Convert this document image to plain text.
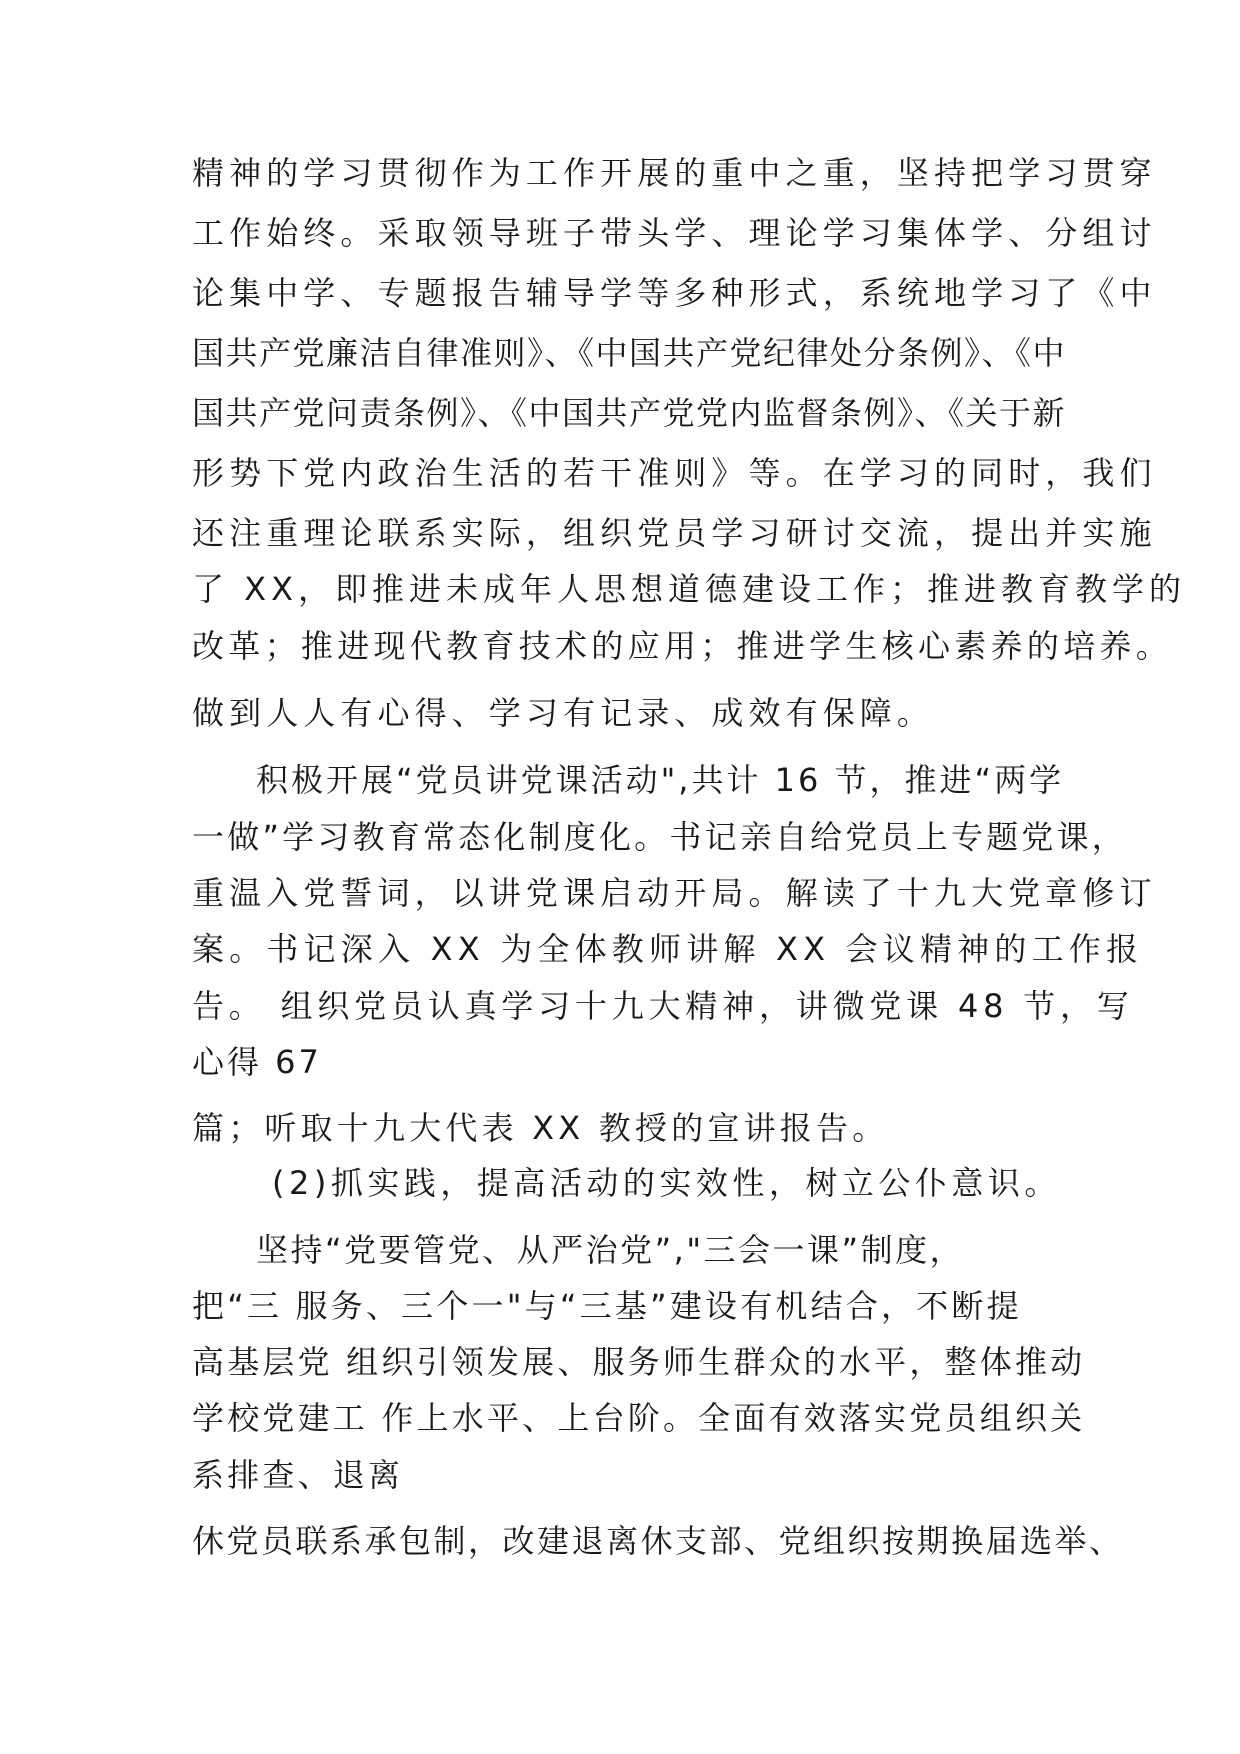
精神的学习贯彻作为工作开展的重中之重，坚持把学习贯穿
工作始终。采取领导班子带头学、理论学习集体学、分组讨
论集中学、专题报告辅导学等多种形式，系统地学习了《中
国共产党廉洁自律准则》、《中国共产党纪律处分条例》、《中
国共产党问责条例》、《中国共产党党内监督条例》、《关于新
形势下党内政治生活的若干准则》等。在学习的同时，我们
还注重理论联系实际，组织党员学习研讨交流，提出并实施
了 XX，即推进未成年人思想道德建设工作；推进教育教学的
改革；推进现代教育技术的应用；推进学生核心素养的培养。
做到人人有心得、学习有记录、成效有保障。
积极开展“党员讲党课活动",共计 16 节，推进“两学
一做”学习教育常态化制度化。书记亲自给党员上专题党课，
重温入党誓词，以讲党课启动开局。解读了十九大党章修订
案。书记深入 XX 为全体教师讲解 XX 会议精神的工作报
告。 组织党员认真学习十九大精神，讲微党课 48 节，写
心得 67
篇；听取十九大代表 XX 教授的宣讲报告。
(2)抓实践，提高活动的实效性，树立公仆意识。
坚持“党要管党、从严治党”,"三会一课”制度，
把“三 服务、三个一"与“三基”建设有机结合，不断提
高基层党 组织引领发展、服务师生群众的水平，整体推动
学校党建工 作上水平、上台阶。全面有效落实党员组织关
系排查、退离
休党员联系承包制，改建退离休支部、党组织按期换届选举、
